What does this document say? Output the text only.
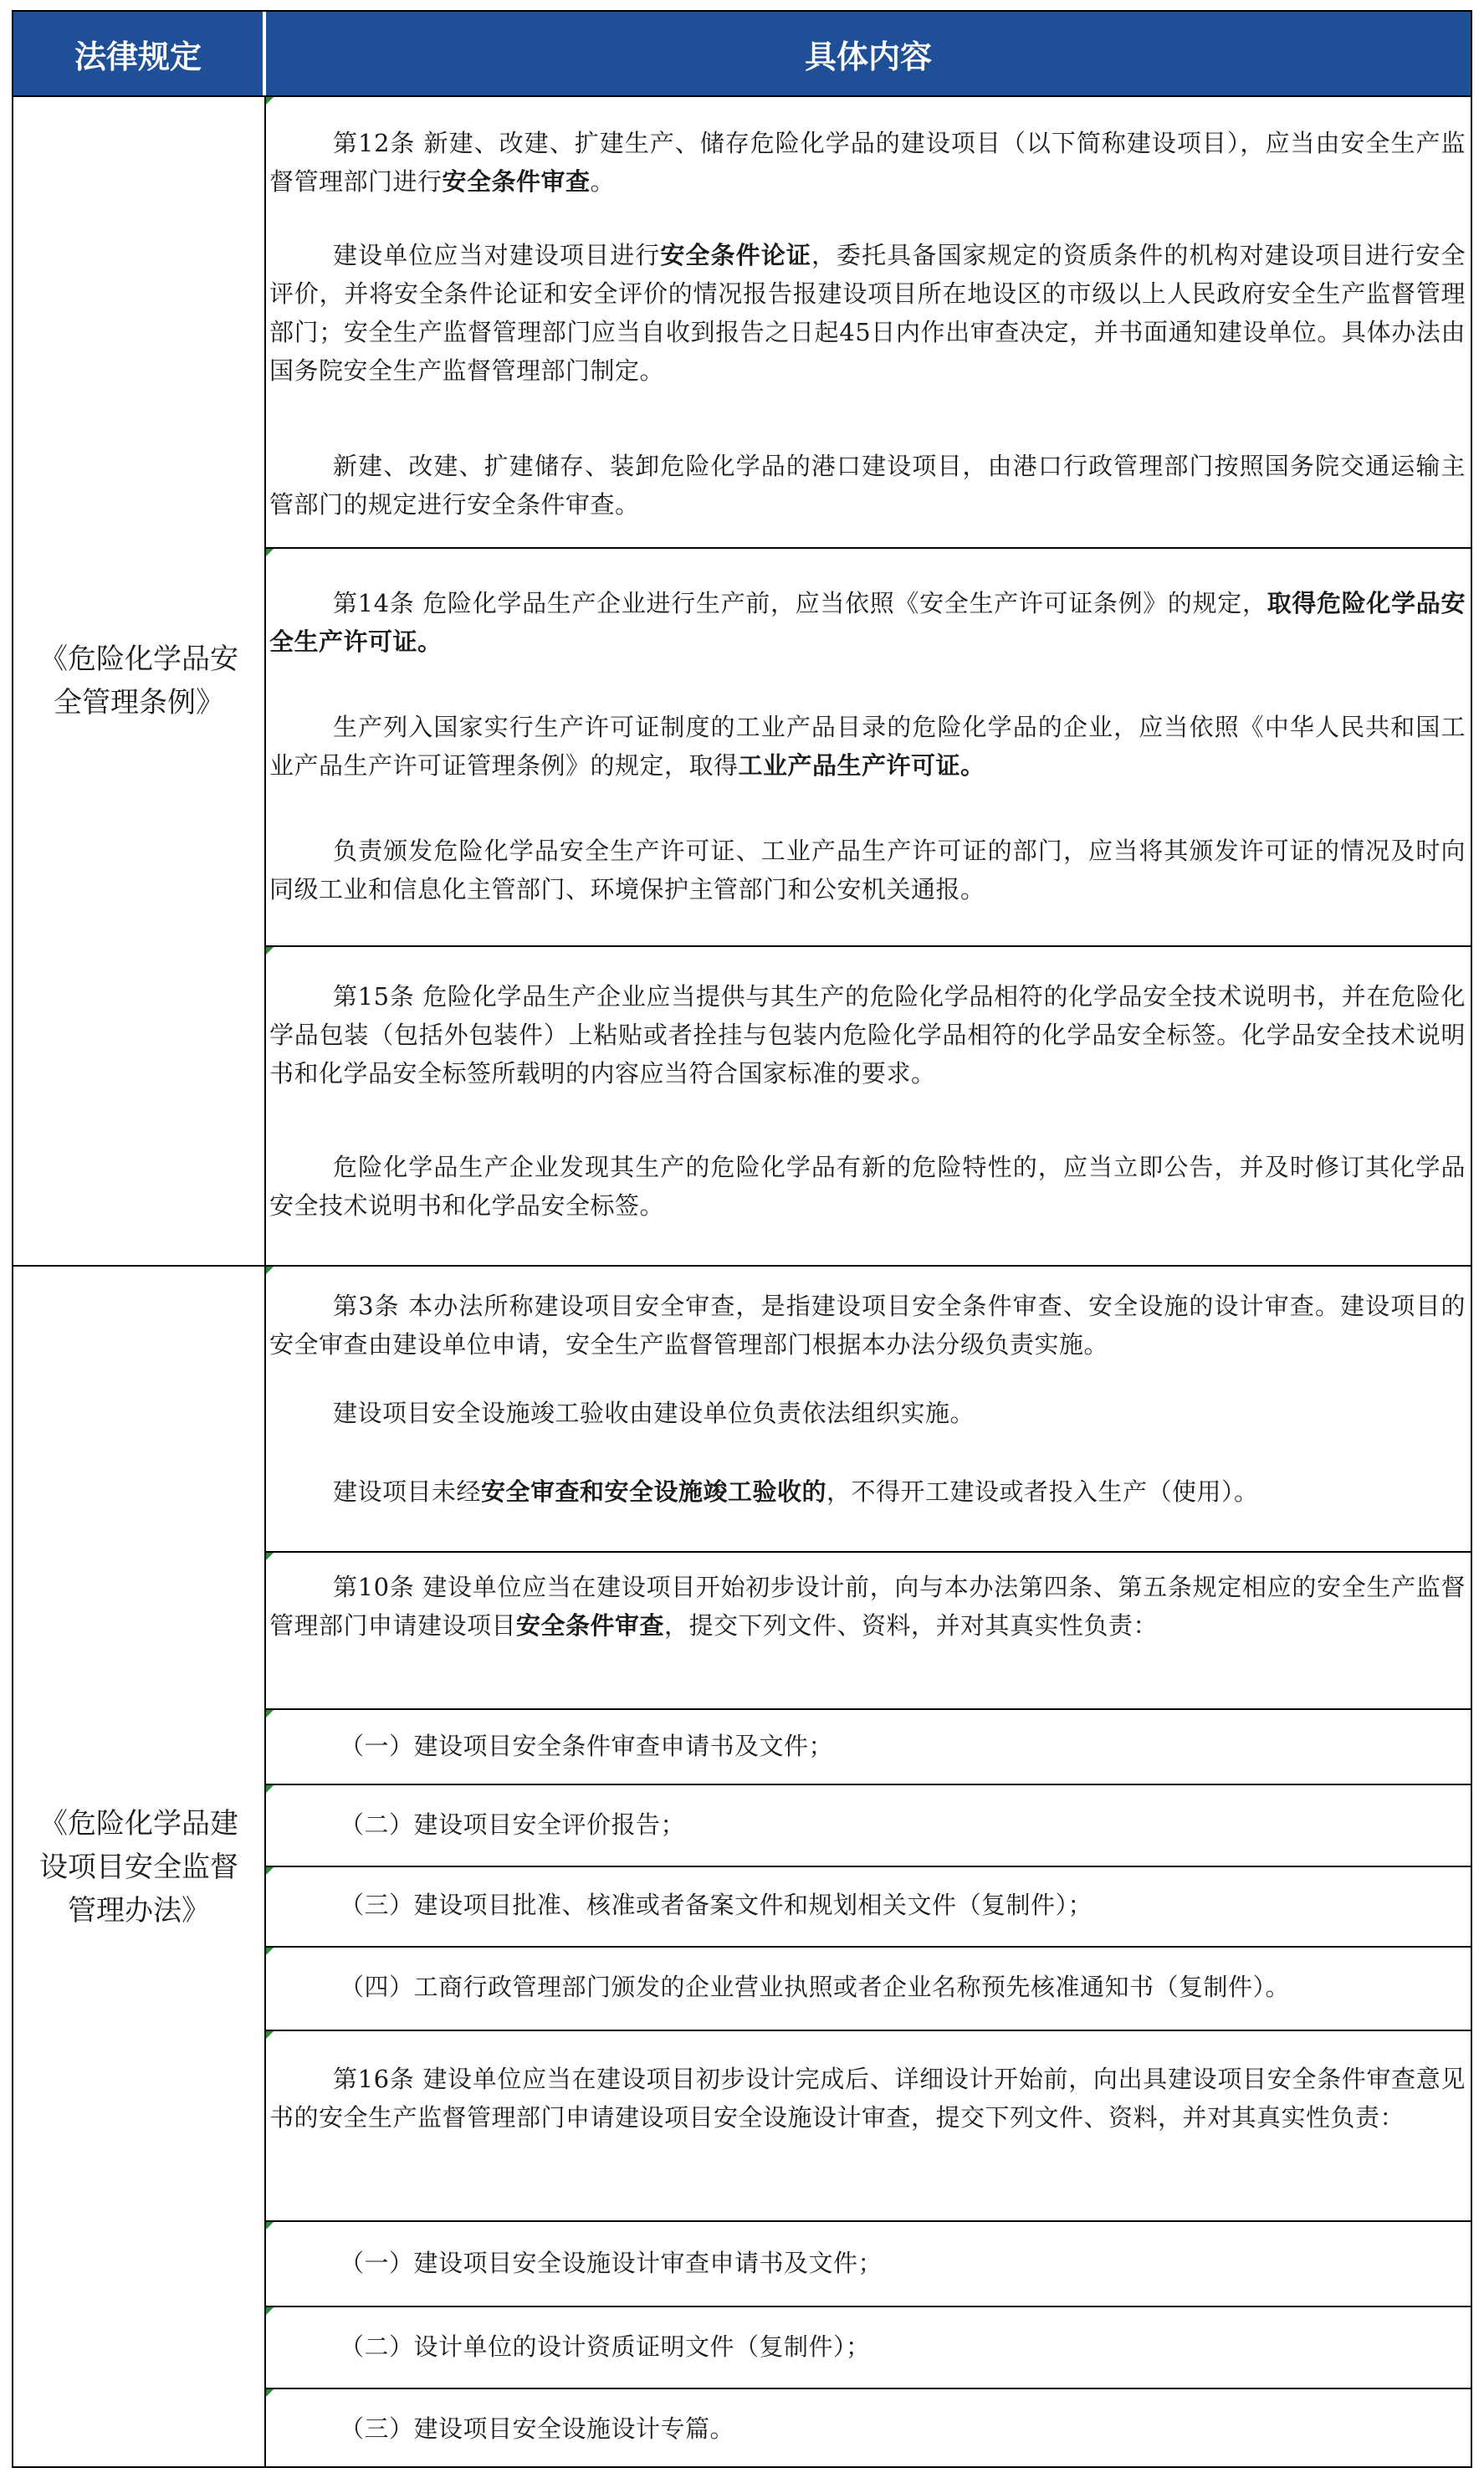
法律规定	具体内容
《危险化学品安
全管理条例》
《危险化学品建
设项目安全监督
管理办法》
第12条 新建、改建、扩建生产、储存危险化学品的建设项目（以下简称建设项目），应当由安全生产监督管理部门进行安全条件审查。
建设单位应当对建设项目进行安全条件论证，委托具备国家规定的资质条件的机构对建设项目进行安全评价，并将安全条件论证和安全评价的情况报告报建设项目所在地设区的市级以上人民政府安全生产监督管理部门；安全生产监督管理部门应当自收到报告之日起45日内作出审查决定，并书面通知建设单位。具体办法由国务院安全生产监督管理部门制定。
新建、改建、扩建储存、装卸危险化学品的港口建设项目，由港口行政管理部门按照国务院交通运输主管部门的规定进行安全条件审查。
第14条 危险化学品生产企业进行生产前，应当依照《安全生产许可证条例》的规定，取得危险化学品安全生产许可证。
生产列入国家实行生产许可证制度的工业产品目录的危险化学品的企业，应当依照《中华人民共和国工业产品生产许可证管理条例》的规定，取得工业产品生产许可证。
负责颁发危险化学品安全生产许可证、工业产品生产许可证的部门，应当将其颁发许可证的情况及时向同级工业和信息化主管部门、环境保护主管部门和公安机关通报。
第15条 危险化学品生产企业应当提供与其生产的危险化学品相符的化学品安全技术说明书，并在危险化学品包装（包括外包装件）上粘贴或者拴挂与包装内危险化学品相符的化学品安全标签。化学品安全技术说明书和化学品安全标签所载明的内容应当符合国家标准的要求。
危险化学品生产企业发现其生产的危险化学品有新的危险特性的，应当立即公告，并及时修订其化学品安全技术说明书和化学品安全标签。
第3条 本办法所称建设项目安全审查，是指建设项目安全条件审查、安全设施的设计审查。建设项目的安全审查由建设单位申请，安全生产监督管理部门根据本办法分级负责实施。
建设项目安全设施竣工验收由建设单位负责依法组织实施。
建设项目未经安全审查和安全设施竣工验收的，不得开工建设或者投入生产（使用）。
第10条 建设单位应当在建设项目开始初步设计前，向与本办法第四条、第五条规定相应的安全生产监督管理部门申请建设项目安全条件审查，提交下列文件、资料，并对其真实性负责：
（一）建设项目安全条件审查申请书及文件；
（二）建设项目安全评价报告；
（三）建设项目批准、核准或者备案文件和规划相关文件（复制件）；
（四）工商行政管理部门颁发的企业营业执照或者企业名称预先核准通知书（复制件）。
第16条 建设单位应当在建设项目初步设计完成后、详细设计开始前，向出具建设项目安全条件审查意见书的安全生产监督管理部门申请建设项目安全设施设计审查，提交下列文件、资料，并对其真实性负责：
（一）建设项目安全设施设计审查申请书及文件；
（二）设计单位的设计资质证明文件（复制件）；
（三）建设项目安全设施设计专篇。
